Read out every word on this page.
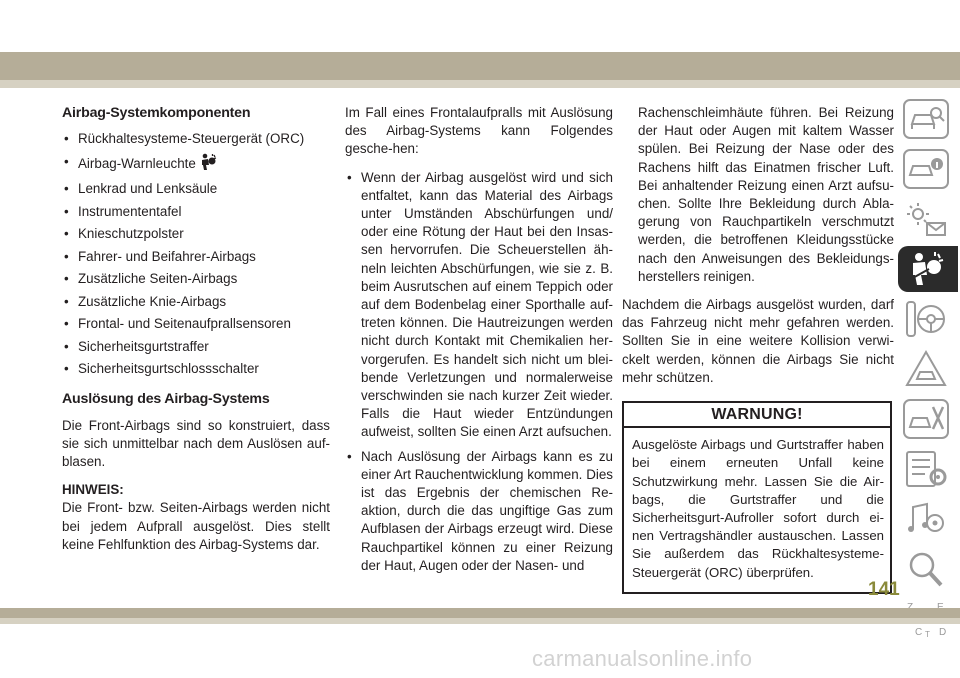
Airbag-Systemkomponenten
• Rückhaltesysteme-Steuergerät (ORC)
• Airbag-Warnleuchte
• Lenkrad und Lenksäule
• Instrumententafel
• Knieschutzpolster
• Fahrer- und Beifahrer-Airbags
• Zusätzliche Seiten-Airbags
• Zusätzliche Knie-Airbags
• Frontal- und Seitenaufprallsensoren
• Sicherheitsgurtstraffer
• Sicherheitsgurtschlossschalter
Auslösung des Airbag-Systems

Die Front-Airbags sind so konstruiert, dass sie sich unmittelbar nach dem Auslösen auf-blasen.

HINWEIS:

Die Front- bzw. Seiten-Airbags werden nicht bei jedem Aufprall ausgelöst. Dies stellt keine Fehlfunktion des Airbag-Systems dar.

Im Fall eines Frontalaufpralls mit Auslösung des Airbag-Systems kann Folgendes gesche-hen:

• Wenn der Airbag ausgelöst wird und sich entfaltet, kann das Material des Airbags unter Umständen Abschürfungen und/ oder eine Rötung der Haut bei den Insas-sen hervorrufen. Die Scheuerstellen äh-neln leichten Abschürfungen, wie sie z. B. beim Ausrutschen auf einem Teppich oder auf dem Bodenbelag einer Sporthalle auf-treten können. Die Hautreizungen werden nicht durch Kontakt mit Chemikalien her-vorgerufen. Es handelt sich nicht um blei-bende Verletzungen und normalerweise verschwinden sie nach kurzer Zeit wieder. Falls die Haut wieder Entzündungen aufweist, sollten Sie einen Arzt aufsuchen.
• Nach Auslösung der Airbags kann es zu einer Art Rauchentwicklung kommen. Dies ist das Ergebnis der chemischen Re-aktion, durch die das ungiftige Gas zum Aufblasen der Airbags erzeugt wird. Diese Rauchpartikel können zu einer Reizung der Haut, Augen oder der Nasen- und
Rachenschleimhäute führen. Bei Reizung der Haut oder Augen mit kaltem Wasser spülen. Bei Reizung der Nase oder des Rachens hilft das Einatmen frischer Luft. Bei anhaltender Reizung einen Arzt aufsu-chen. Sollte Ihre Bekleidung durch Abla-gerung von Rauchpartikeln verschmutzt werden, die betroffenen Kleidungsstücke nach den Anweisungen des Bekleidungs-herstellers reinigen.

Nachdem die Airbags ausgelöst wurden, darf das Fahrzeug nicht mehr gefahren werden. Sollten Sie in eine weitere Kollision verwi-ckelt werden, können die Airbags Sie nicht mehr schützen.

WARNUNG!
Ausgelöste Airbags und Gurtstraffer haben bei einem erneuten Unfall keine Schutzwirkung mehr. Lassen Sie die Air-bags, die Gurtstraffer und die Sicherheitsgurt-Aufroller sofort durch ei-nen Vertragshändler austauschen. Lassen Sie außerdem das Rückhaltesysteme-Steuergerät (ORC) überprüfen.
C D
T
141
carmanualsonline.info
